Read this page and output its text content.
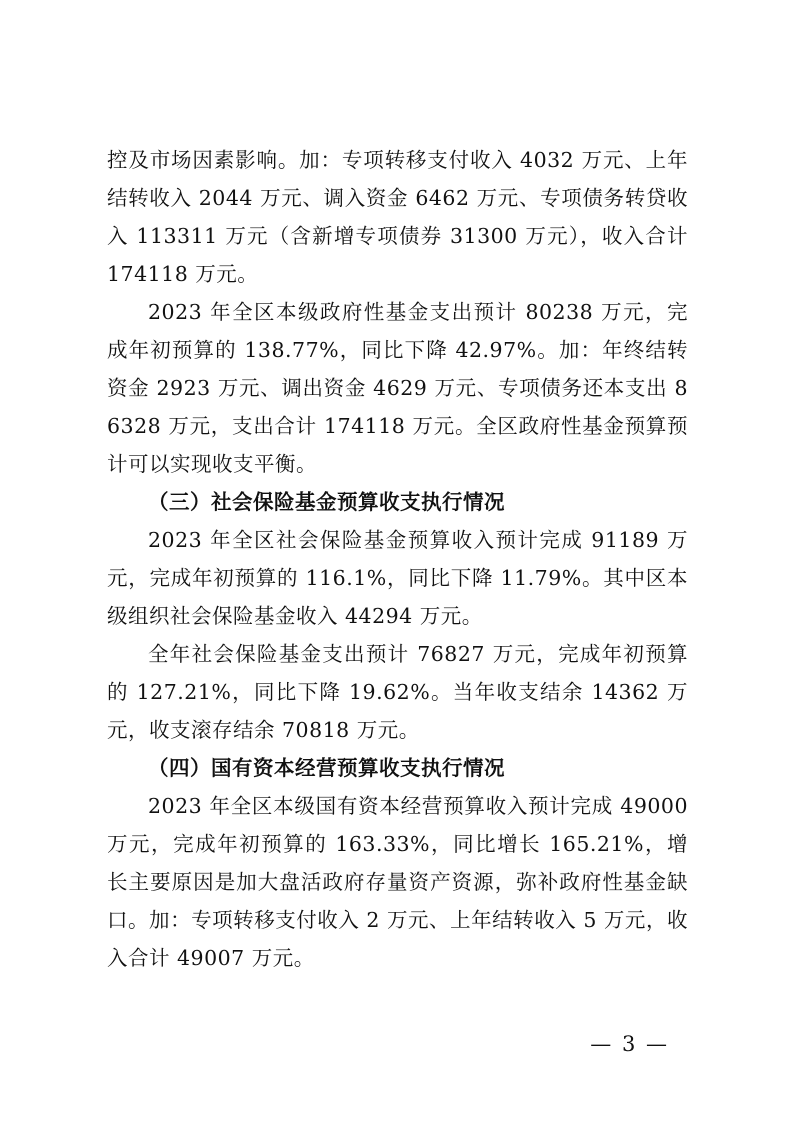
控及市场因素影响。加：专项转移支付收入 4032 万元、上年结转收入 2044 万元、调入资金 6462 万元、专项债务转贷收入 113311 万元（含新增专项债券 31300 万元），收入合计 174118 万元。

2023 年全区本级政府性基金支出预计 80238 万元，完成年初预算的 138.77%，同比下降 42.97%。加：年终结转资金 2923 万元、调出资金 4629 万元、专项债务还本支出 86328 万元，支出合计 174118 万元。全区政府性基金预算预计可以实现收支平衡。

（三）社会保险基金预算收支执行情况

2023 年全区社会保险基金预算收入预计完成 91189 万元，完成年初预算的 116.1%，同比下降 11.79%。其中区本级组织社会保险基金收入 44294 万元。

全年社会保险基金支出预计 76827 万元，完成年初预算的 127.21%，同比下降 19.62%。当年收支结余 14362 万元，收支滚存结余 70818 万元。

（四）国有资本经营预算收支执行情况

2023 年全区本级国有资本经营预算收入预计完成 49000 万元，完成年初预算的 163.33%，同比增长 165.21%，增长主要原因是加大盘活政府存量资产资源，弥补政府性基金缺口。加：专项转移支付收入 2 万元、上年结转收入 5 万元，收入合计 49007 万元。

— 3 —
